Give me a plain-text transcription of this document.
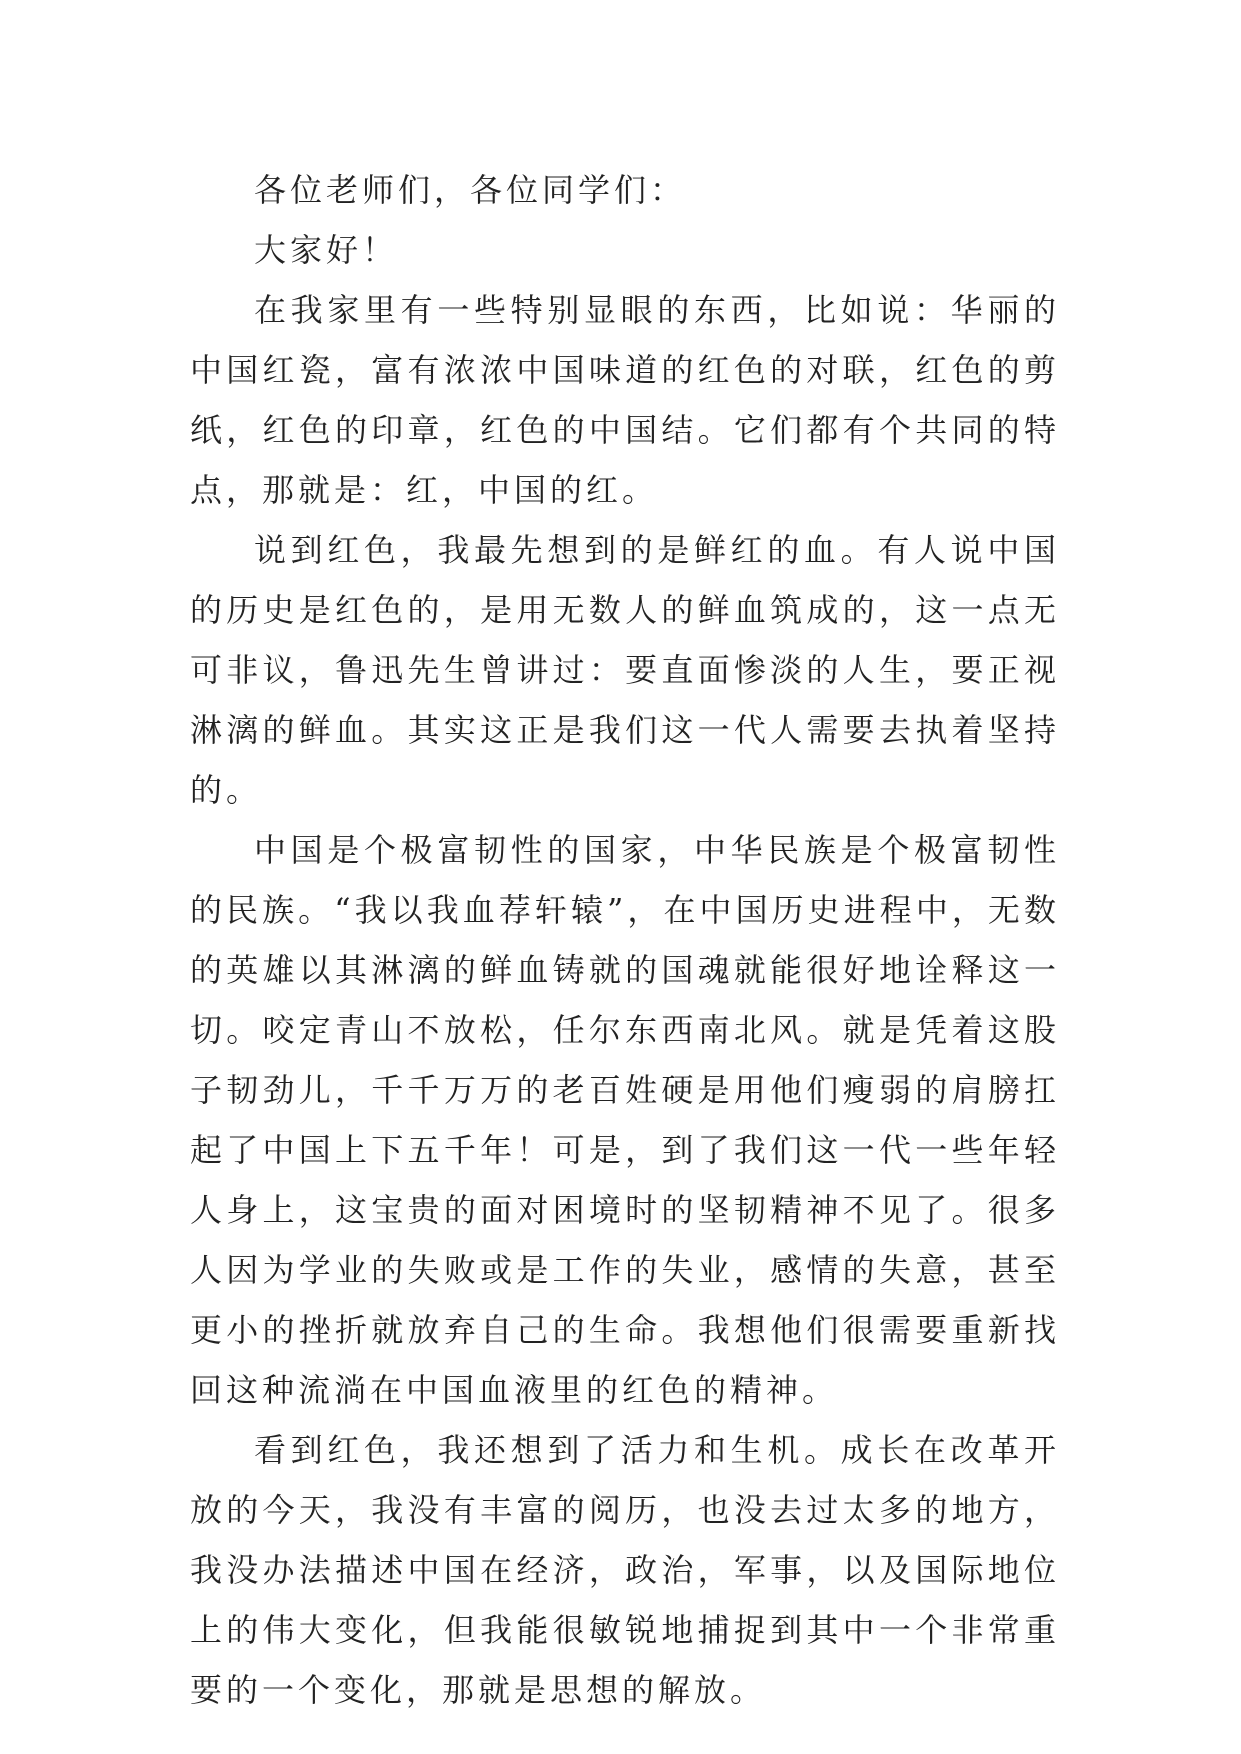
各位老师们，各位同学们：

大家好！

在我家里有一些特别显眼的东西，比如说：华丽的中国红瓷，富有浓浓中国味道的红色的对联，红色的剪纸，红色的印章，红色的中国结。它们都有个共同的特点，那就是：红，中国的红。

说到红色，我最先想到的是鲜红的血。有人说中国的历史是红色的，是用无数人的鲜血筑成的，这一点无可非议，鲁迅先生曾讲过：要直面惨淡的人生，要正视淋漓的鲜血。其实这正是我们这一代人需要去执着坚持的。

中国是个极富韧性的国家，中华民族是个极富韧性的民族。“我以我血荐轩辕”，在中国历史进程中，无数的英雄以其淋漓的鲜血铸就的国魂就能很好地诠释这一切。咬定青山不放松，任尔东西南北风。就是凭着这股子韧劲儿，千千万万的老百姓硬是用他们瘦弱的肩膀扛起了中国上下五千年！可是，到了我们这一代一些年轻人身上，这宝贵的面对困境时的坚韧精神不见了。很多人因为学业的失败或是工作的失业，感情的失意，甚至更小的挫折就放弃自己的生命。我想他们很需要重新找回这种流淌在中国血液里的红色的精神。

看到红色，我还想到了活力和生机。成长在改革开放的今天，我没有丰富的阅历，也没去过太多的地方，我没办法描述中国在经济，政治，军事，以及国际地位上的伟大变化，但我能很敏锐地捕捉到其中一个非常重要的一个变化，那就是思想的解放。
